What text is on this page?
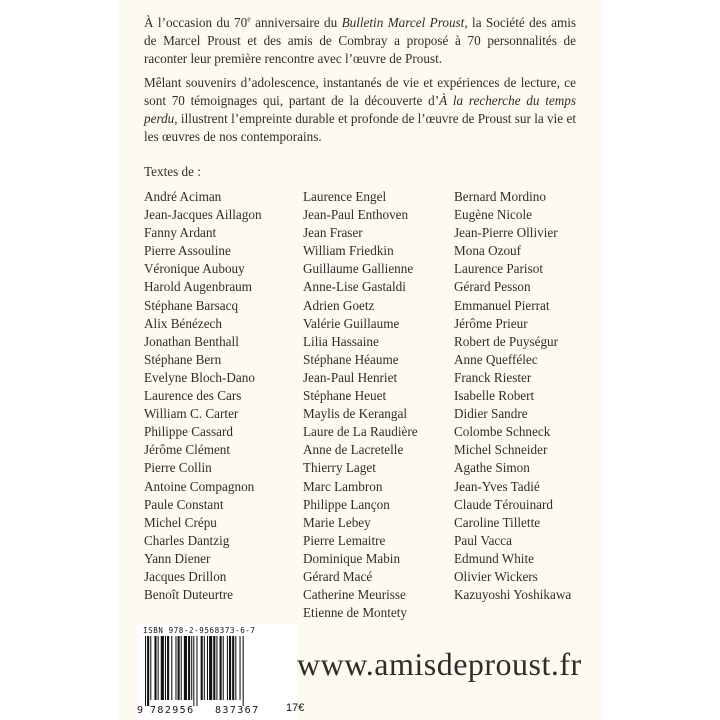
À l’occasion du 70e anniversaire du Bulletin Marcel Proust, la Société des amis de Marcel Proust et des amis de Combray a proposé à 70 personnalités de raconter leur première rencontre avec l’œuvre de Proust.

Mêlant souvenirs d’adolescence, instantanés de vie et expériences de lecture, ce sont 70 témoignages qui, partant de la découverte d’À la recherche du temps perdu, illustrent l’empreinte durable et profonde de l’œuvre de Proust sur la vie et les œuvres de nos contemporains.

Textes de :
André Aciman
Jean-Jacques Aillagon
Fanny Ardant
Pierre Assouline
Véronique Aubouy
Harold Augenbraum
Stéphane Barsacq
Alix Bénézech
Jonathan Benthall
Stéphane Bern
Evelyne Bloch-Dano
Laurence des Cars
William C. Carter
Philippe Cassard
Jérôme Clément
Pierre Collin
Antoine Compagnon
Paule Constant
Michel Crépu
Charles Dantzig
Yann Diener
Jacques Drillon
Benoît Duteurtre
Laurence Engel
Jean-Paul Enthoven
Jean Fraser
William Friedkin
Guillaume Gallienne
Anne-Lise Gastaldi
Adrien Goetz
Valérie Guillaume
Lilia Hassaine
Stéphane Héaume
Jean-Paul Henriet
Stéphane Heuet
Maylis de Kerangal
Laure de La Raudière
Anne de Lacretelle
Thierry Laget
Marc Lambron
Philippe Lançon
Marie Lebey
Pierre Lemaitre
Dominique Mabin
Gérard Macé
Catherine Meurisse
Etienne de Montety
Bernard Mordino
Eugène Nicole
Jean-Pierre Ollivier
Mona Ozouf
Laurence Parisot
Gérard Pesson
Emmanuel Pierrat
Jérôme Prieur
Robert de Puységur
Anne Queffélec
Franck Riester
Isabelle Robert
Didier Sandre
Colombe Schneck
Michel Schneider
Agathe Simon
Jean-Yves Tadié
Claude Térouinard
Caroline Tillette
Paul Vacca
Edmund White
Olivier Wickers
Kazuyoshi Yoshikawa
ISBN 978-2-9568373-6-7
9 782956 837367 17€
www.amisdeproust.fr
